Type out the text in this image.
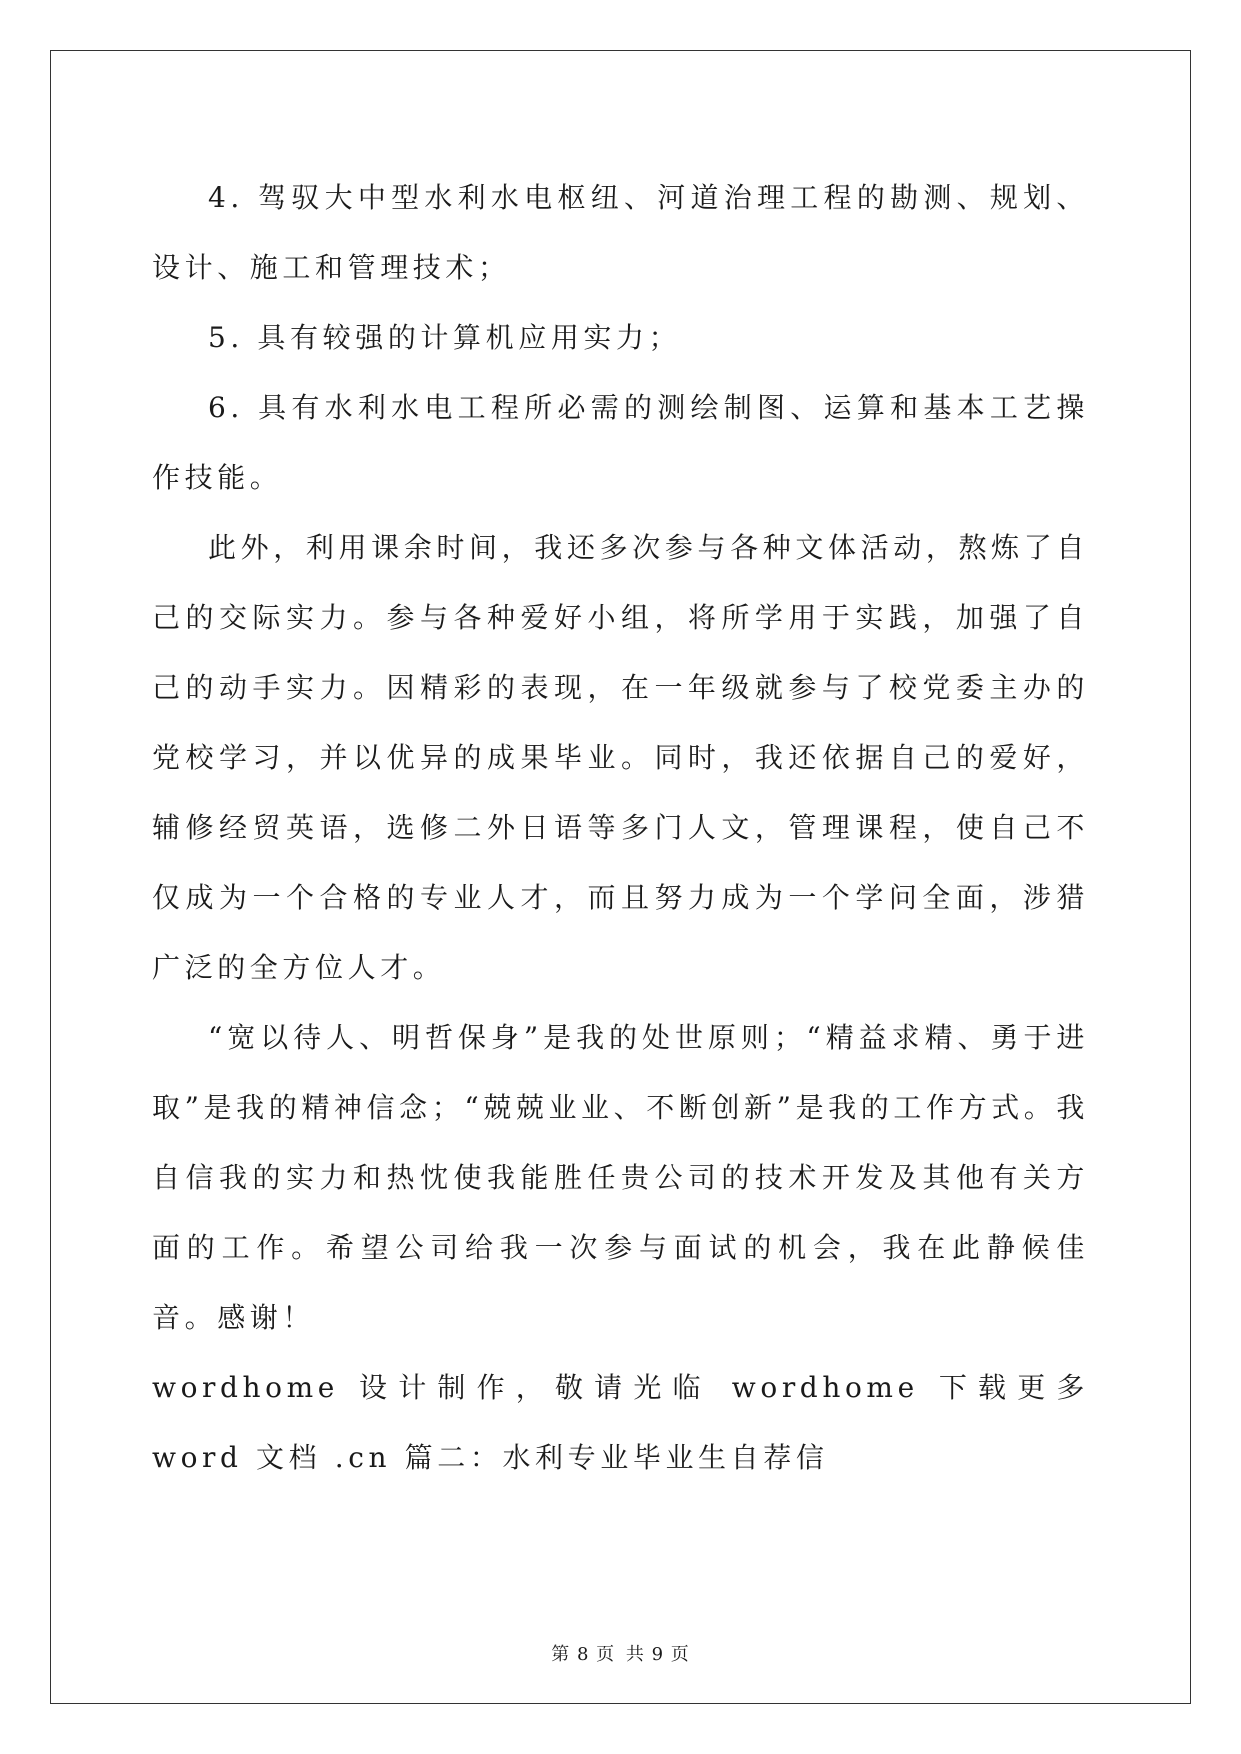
4. 驾驭大中型水利水电枢纽、河道治理工程的勘测、规划、设计、施工和管理技术；

5. 具有较强的计算机应用实力；

6. 具有水利水电工程所必需的测绘制图、运算和基本工艺操作技能。

此外，利用课余时间，我还多次参与各种文体活动，熬炼了自己的交际实力。参与各种爱好小组，将所学用于实践，加强了自己的动手实力。因精彩的表现，在一年级就参与了校党委主办的党校学习，并以优异的成果毕业。同时，我还依据自己的爱好，辅修经贸英语，选修二外日语等多门人文，管理课程，使自己不仅成为一个合格的专业人才，而且努力成为一个学问全面，涉猎广泛的全方位人才。

“宽以待人、明哲保身”是我的处世原则；“精益求精、勇于进取”是我的精神信念；“兢兢业业、不断创新”是我的工作方式。我自信我的实力和热忱使我能胜任贵公司的技术开发及其他有关方面的工作。希望公司给我一次参与面试的机会，我在此静候佳音。感谢！

wordhome 设计制作，敬请光临 wordhome 下载更多 word 文档 .cn 篇二：水利专业毕业生自荐信

第 8 页 共 9 页
